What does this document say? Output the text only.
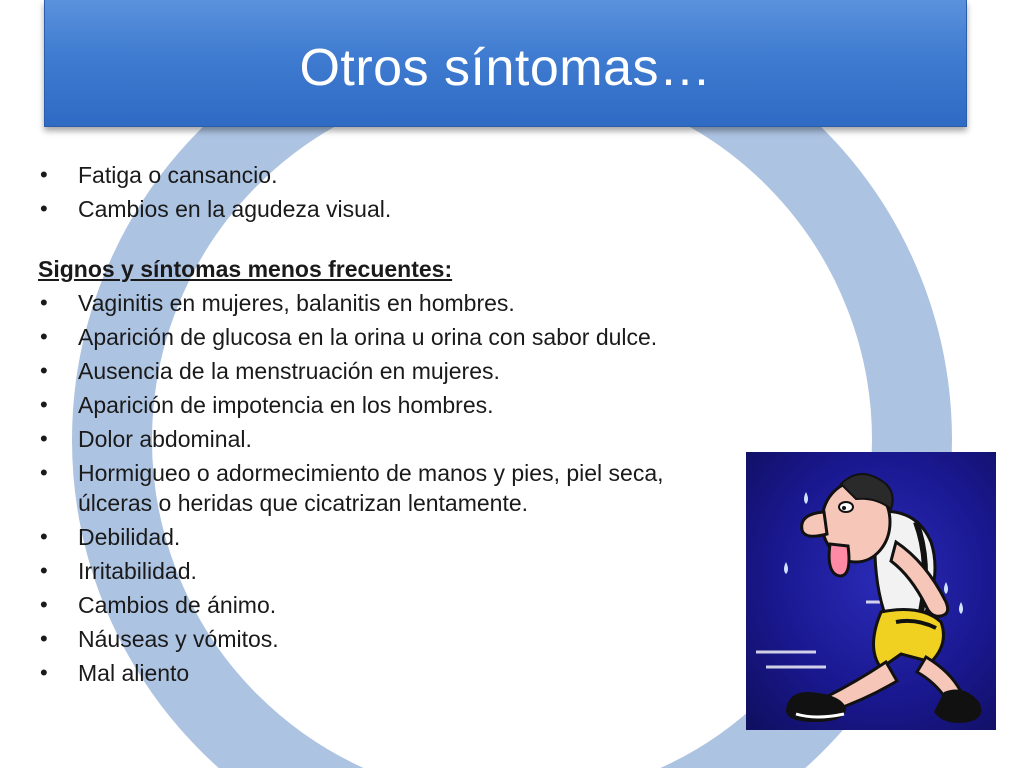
Otros síntomas…
• Fatiga o cansancio.
• Cambios en la agudeza visual.
Signos y síntomas menos frecuentes:
• Vaginitis en mujeres, balanitis en hombres.
• Aparición de glucosa en la orina u orina con sabor dulce.
• Ausencia de la menstruación en mujeres.
• Aparición de impotencia en los hombres.
• Dolor abdominal.
• Hormigueo o adormecimiento de manos y pies, piel seca, úlceras o heridas que cicatrizan lentamente.
• Debilidad.
• Irritabilidad.
• Cambios de ánimo.
• Náuseas y vómitos.
• Mal aliento
